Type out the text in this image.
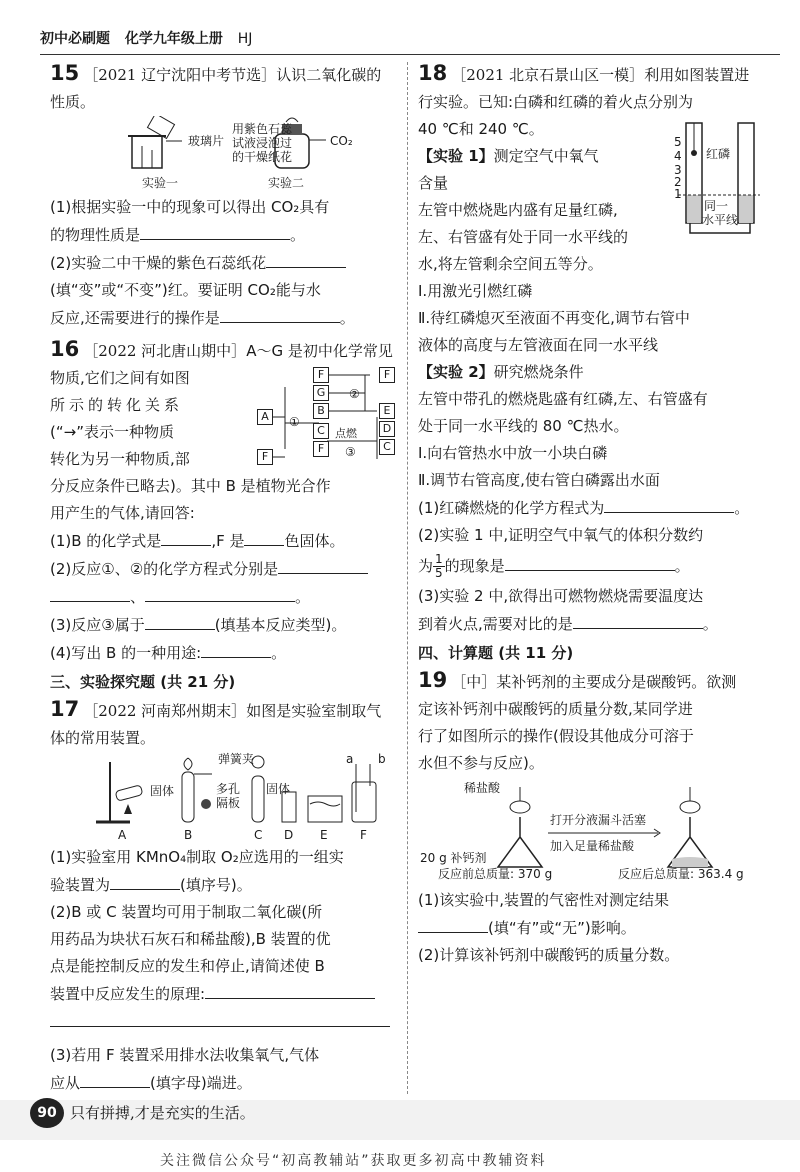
初中必刷题 化学九年级上册 HJ

15 ［2021 辽宁沈阳中考节选］认识二氧化碳的

性质。

玻璃片
用紫色石蕊
试液浸泡过
的干燥纸花
CO₂
实验一	实验二

(1)根据实验一中的现象可以得出 CO₂具有

的物理性质是	。

(2)实验二中干燥的紫色石蕊纸花

(填“变”或“不变”)红。要证明 CO₂能与水

反应,还需要进行的操作是	。

16 ［2022 河北唐山期中］A～G 是初中化学常见

物质,它们之间有如图

所示的转化关系

(“→”表示一种物质

转化为另一种物质,部

A
F
F
G
B
C
F
F
E
D
C
①
②
点燃
③

分反应条件已略去)。其中 B 是植物光合作

用产生的气体,请回答:

(1)B 的化学式是	,F 是	色固体。

(2)反应①、②的化学方程式分别是

、	。

(3)反应③属于	(填基本反应类型)。

(4)写出 B 的一种用途:	。

三、实验探究题 (共 21 分)

17 ［2022 河南郑州期末］如图是实验室制取气

体的常用装置。

弹簧夹
固体	多孔
隔板
固体
a b
A	B	C D E	F

(1)实验室用 KMnO₄制取 O₂应选用的一组实

验装置为	(填序号)。

(2)B 或 C 装置均可用于制取二氧化碳(所

用药品为块状石灰石和稀盐酸),B 装置的优

点是能控制反应的发生和停止,请简述使 B

装置中反应发生的原理:

(3)若用 F 装置采用排水法收集氧气,气体

应从	(填字母)端进。

18 ［2021 北京石景山区一模］利用如图装置进

行实验。已知:白磷和红磷的着火点分别为

40 ℃和 240 ℃。

【实验 1】测定空气中氧气

含量

左管中燃烧匙内盛有足量红磷,

左、右管盛有处于同一水平线的

5
4
3
2
1
红磷
同一
水平线

水,将左管剩余空间五等分。

Ⅰ.用激光引燃红磷

Ⅱ.待红磷熄灭至液面不再变化,调节右管中

液体的高度与左管液面在同一水平线

【实验 2】研究燃烧条件

左管中带孔的燃烧匙盛有红磷,左、右管盛有

处于同一水平线的 80 ℃热水。

Ⅰ.向右管热水中放一小块白磷

Ⅱ.调节右管高度,使右管白磷露出水面

(1)红磷燃烧的化学方程式为	。

(2)实验 1 中,证明空气中氧气的体积分数约

为 $\frac{1}{5}$ 的现象是	。

(3)实验 2 中,欲得出可燃物燃烧需要温度达

到着火点,需要对比的是	。

四、计算题 (共 11 分)

19 ［中］某补钙剂的主要成分是碳酸钙。欲测

定该补钙剂中碳酸钙的质量分数,某同学进

行了如图所示的操作(假设其他成分可溶于

水但不参与反应)。

稀盐酸
打开分液漏斗活塞
加入足量稀盐酸
20 g 补钙剂
反应前总质量: 370 g	反应后总质量: 363.4 g

(1)该实验中,装置的气密性对测定结果

(填“有”或“无”)影响。

(2)计算该补钙剂中碳酸钙的质量分数。

90 只有拼搏,才是充实的生活。
关注微信公众号“初高教辅站”获取更多初高中教辅资料
